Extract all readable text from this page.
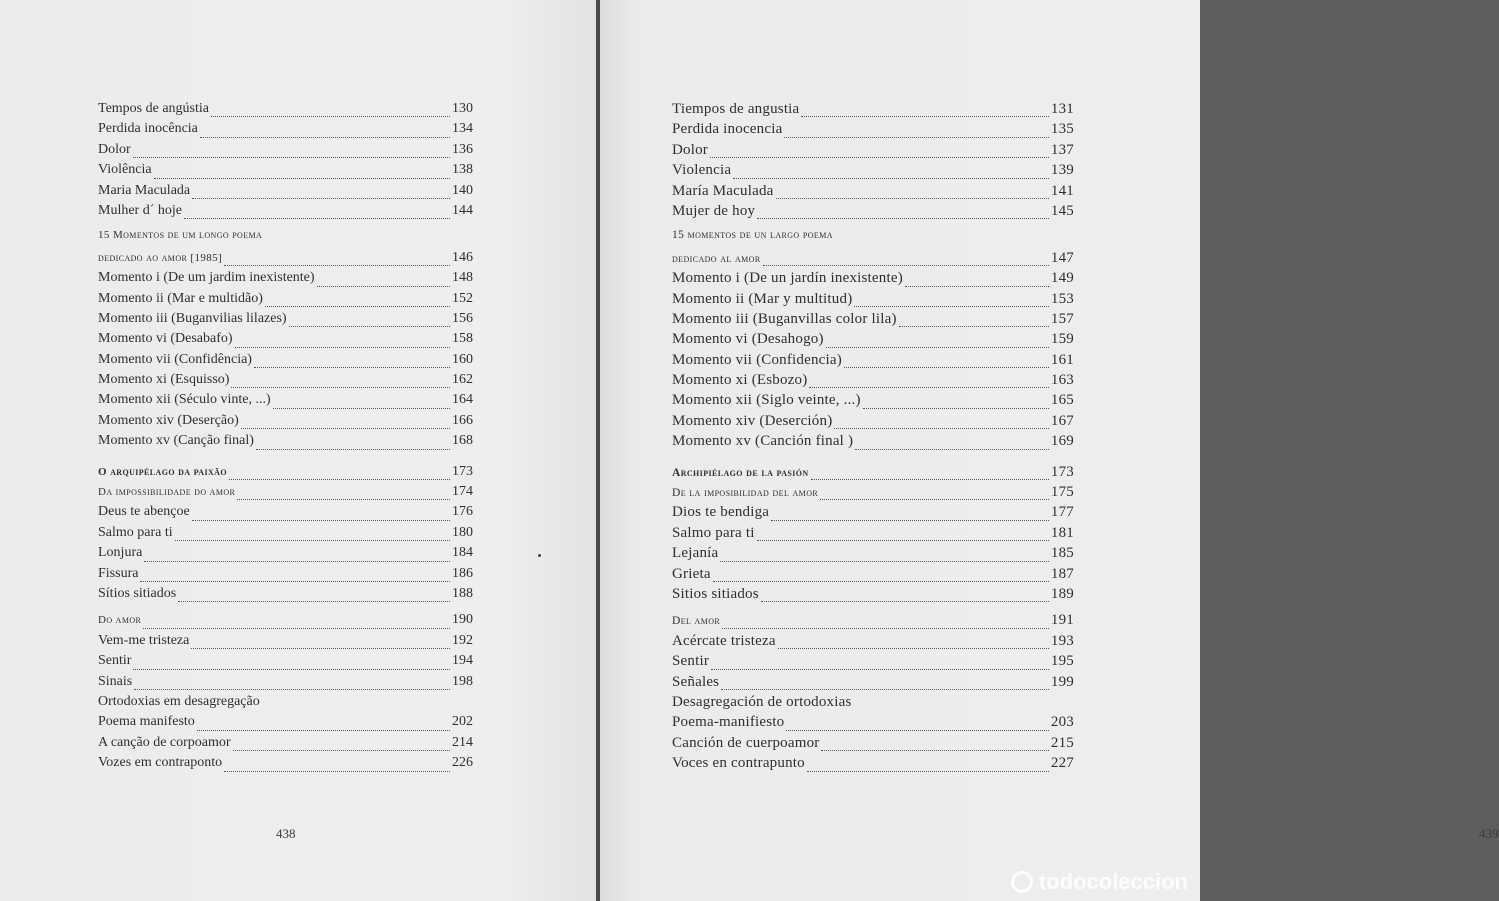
Tempos de angústia	130
Perdida inocência	134
Dolor	136
Violência	138
Maria Maculada	140
Mulher d´ hoje	144
15 Momentos de um longo poema
dedicado ao amor [1985]	146
Momento i (De um jardim inexistente)	148
Momento ii (Mar e multidão)	152
Momento iii (Buganvilias lilazes)	156
Momento vi (Desabafo)	158
Momento vii (Confidência)	160
Momento xi (Esquisso)	162
Momento xii (Século vinte, ...)	164
Momento xiv (Deserção)	166
Momento xv (Canção final)	168
O arquipélago da paixão	173
Da impossibilidade do amor	174
Deus te abençoe	176
Salmo para ti	180
Lonjura	184
Fissura	186
Sítios sitiados	188
Do amor	190
Vem-me tristeza	192
Sentir	194
Sinais	198
Ortodoxias em desagregação
Poema manifesto	202
A canção de corpoamor	214
Vozes em contraponto	226
438
Tiempos de angustia	131
Perdida inocencia	135
Dolor	137
Violencia	139
María Maculada	141
Mujer de hoy	145
15 momentos de un largo poema
dedicado al amor	147
Momento i (De un jardín inexistente)	149
Momento ii (Mar y multitud)	153
Momento iii (Buganvillas color lila)	157
Momento vi (Desahogo)	159
Momento vii (Confidencia)	161
Momento xi (Esbozo)	163
Momento xii (Siglo veinte, ...)	165
Momento xiv (Deserción)	167
Momento xv (Canción final )	169
Archipiélago de la pasión	173
De la imposibilidad del amor	175
Dios te bendiga	177
Salmo para ti	181
Lejanía	185
Grieta	187
Sitios sitiados	189
Del amor	191
Acércate tristeza	193
Sentir	195
Señales	199
Desagregación de ortodoxias
Poema-manifiesto	203
Canción de cuerpoamor	215
Voces en contrapunto	227
439
todocoleccion
